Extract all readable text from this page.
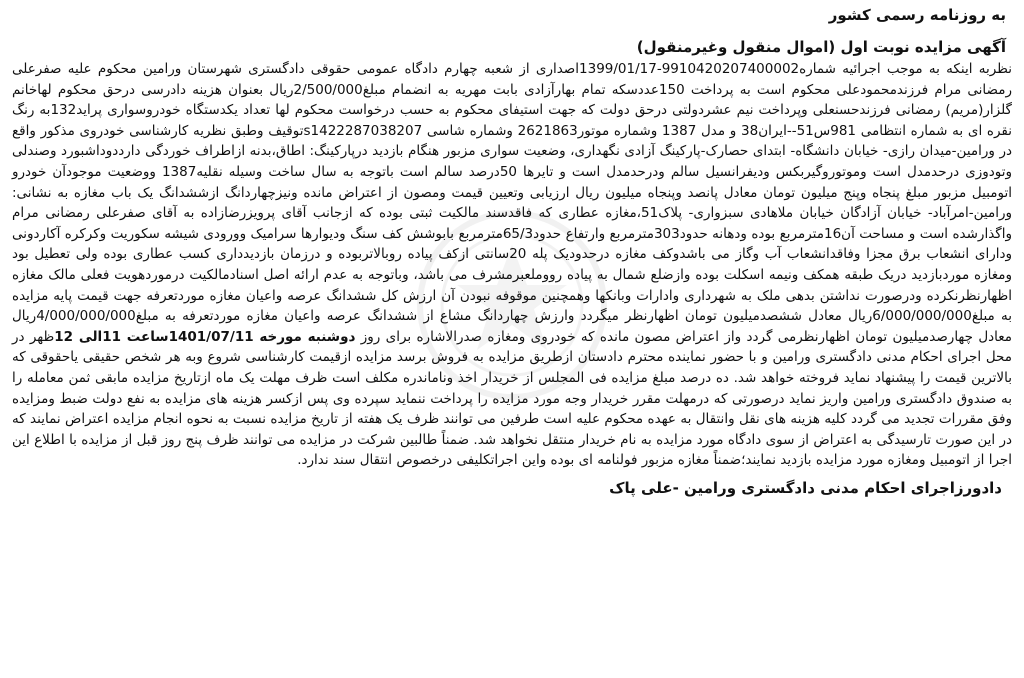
به روزنامه رسمی کشور
آگهی مزایده نوبت اول (اموال منقول وغیرمنقول)

نظربه اینکه به موجب اجرائیه شماره9910420207400002-1399/01/17اصداری از شعبه چهارم دادگاه عمومی حقوقی دادگستری شهرستان ورامین محکوم علیه صفرعلی رمضانی مرام فرزندمحمودعلی محکوم است به پرداخت 150عددسکه تمام بهارآزادی بابت مهریه به انضمام مبلغ2/500/000ریال بعنوان هزینه دادرسی درحق محکوم لهاخانم گلزار(مریم) رمضانی فرزندحسنعلی وپرداخت نیم عشردولتی درحق دولت که جهت استیفای محکوم به حسب درخواست محکوم لها تعداد یکدستگاه خودروسواری پراید132به رنگ نقره ای به شماره انتظامی 981س51--ایران38 و مدل 1387 وشماره موتور2621863 وشماره شاسی s1422287038207توقیف وطبق نظریه کارشناسی خودروی مذکور واقع در ورامین-میدان رازی- خیابان دانشگاه- ابتدای حصارک-پارکینگ آزادی نگهداری، وضعیت سواری مزبور هنگام بازدید درپارکینگ: اطاق،بدنه ازاطراف خوردگی دارددوداشبورد وصندلی وتودوزی درحدمدل است وموتوروگیربکس ودیفرانسیل سالم ودرحدمدل است و تایرها 50درصد سالم است باتوجه به سال ساخت وسیله نقلیه1387 ووضعیت موجودآن خودرو اتومبیل مزبور مبلغ پنجاه وپنج میلیون تومان معادل پانصد وپنجاه میلیون ریال ارزیابی وتعیین قیمت ومصون از اعتراض مانده ونیزچهاردانگ ازششدانگ یک باب مغازه به نشانی: ورامین-امرآباد- خیابان آزادگان خیابان ملاهادی سبزواری- پلاک51،مغازه عطاری که فاقدسند مالکیت ثبتی بوده که ازجانب آقای پرویزرضازاده به آقای صفرعلی رمضانی مرام واگذارشده است و مساحت آن16مترمربع بوده ودهانه حدود303مترمربع وارتفاع حدود65/3مترمربع بابوشش کف سنگ ودیوارها سرامیک وورودی شیشه سکوریت وکرکره آکاردونی ودارای انشعاب برق مجزا وفاقدانشعاب آب وگاز می باشدوکف مغازه درحدودیک پله 20سانتی ازکف پیاده روبالاتربوده و درزمان بازدیدداری کسب عطاری بوده ولی تعطیل بود ومغازه موردبازدید دریک طبقه همکف ونیمه اسکلت بوده وازضلع شمال به پیاده رووملعبرمشرف می باشد، وباتوجه به عدم ارائه اصل اسنادمالکیت درموردهویت فعلی مالک مغازه اظهارنظرنکرده ودرصورت نداشتن بدهی ملک به شهرداری وادارات وبانکها وهمچنین موقوفه نبودن آن ارزش کل ششدانگ عرصه واعیان مغازه موردتعرفه جهت قیمت پایه مزایده به مبلغ6/000/000/000ریال معادل ششصدمیلیون تومان اظهارنظر میگردد وارزش چهاردانگ مشاع از ششدانگ عرصه واعیان مغازه موردتعرفه به مبلغ4/000/000/000ریال معادل چهارصدمیلیون تومان اظهارنظرمی گردد واز اعتراض مصون مانده که خودروی ومغازه صدرالاشاره برای روز دوشنبه مورخه 1401/07/11ساعت 11الی 12ظهر در محل اجرای احکام مدنی دادگستری ورامین و با حضور نماینده محترم دادستان ازطریق مزایده به فروش برسد مزایده ازقیمت کارشناسی شروع وبه هر شخص حقیقی یاحقوقی که بالاترین قیمت را پیشنهاد نماید فروخته خواهد شد. ده درصد مبلغ مزایده فی المجلس از خریدار اخذ وناماندره مکلف است ظرف مهلت یک ماه ازتاریخ مزایده مابقی ثمن معامله را به صندوق دادگستری ورامین واریز نماید درصورتی که درمهلت مقرر خریدار وجه مورد مزایده را پرداخت ننماید سپرده وی پس ازکسر هزینه های مزایده به نفع دولت ضبط ومزایده وفق مقررات تجدید می گردد کلیه هزینه های نقل وانتقال به عهده محکوم علیه است طرفین می توانند ظرف یک هفته از تاریخ مزایده نسبت به نحوه انجام مزایده اعتراض نمایند که در این صورت تارسیدگی به اعتراض از سوی دادگاه مورد مزایده به نام خریدار منتقل نخواهد شد. ضمناً طالبین شرکت در مزایده می توانند ظرف پنج روز قبل از مزایده با اطلاع این اجرا از اتومبیل ومغازه مورد مزایده بازدید نمایند؛ضمناً مغازه مزبور فولنامه ای بوده واین اجراتکلیفی درخصوص انتقال سند ندارد.

دادورزاجرای احکام مدنی دادگستری ورامین -علی پاک
